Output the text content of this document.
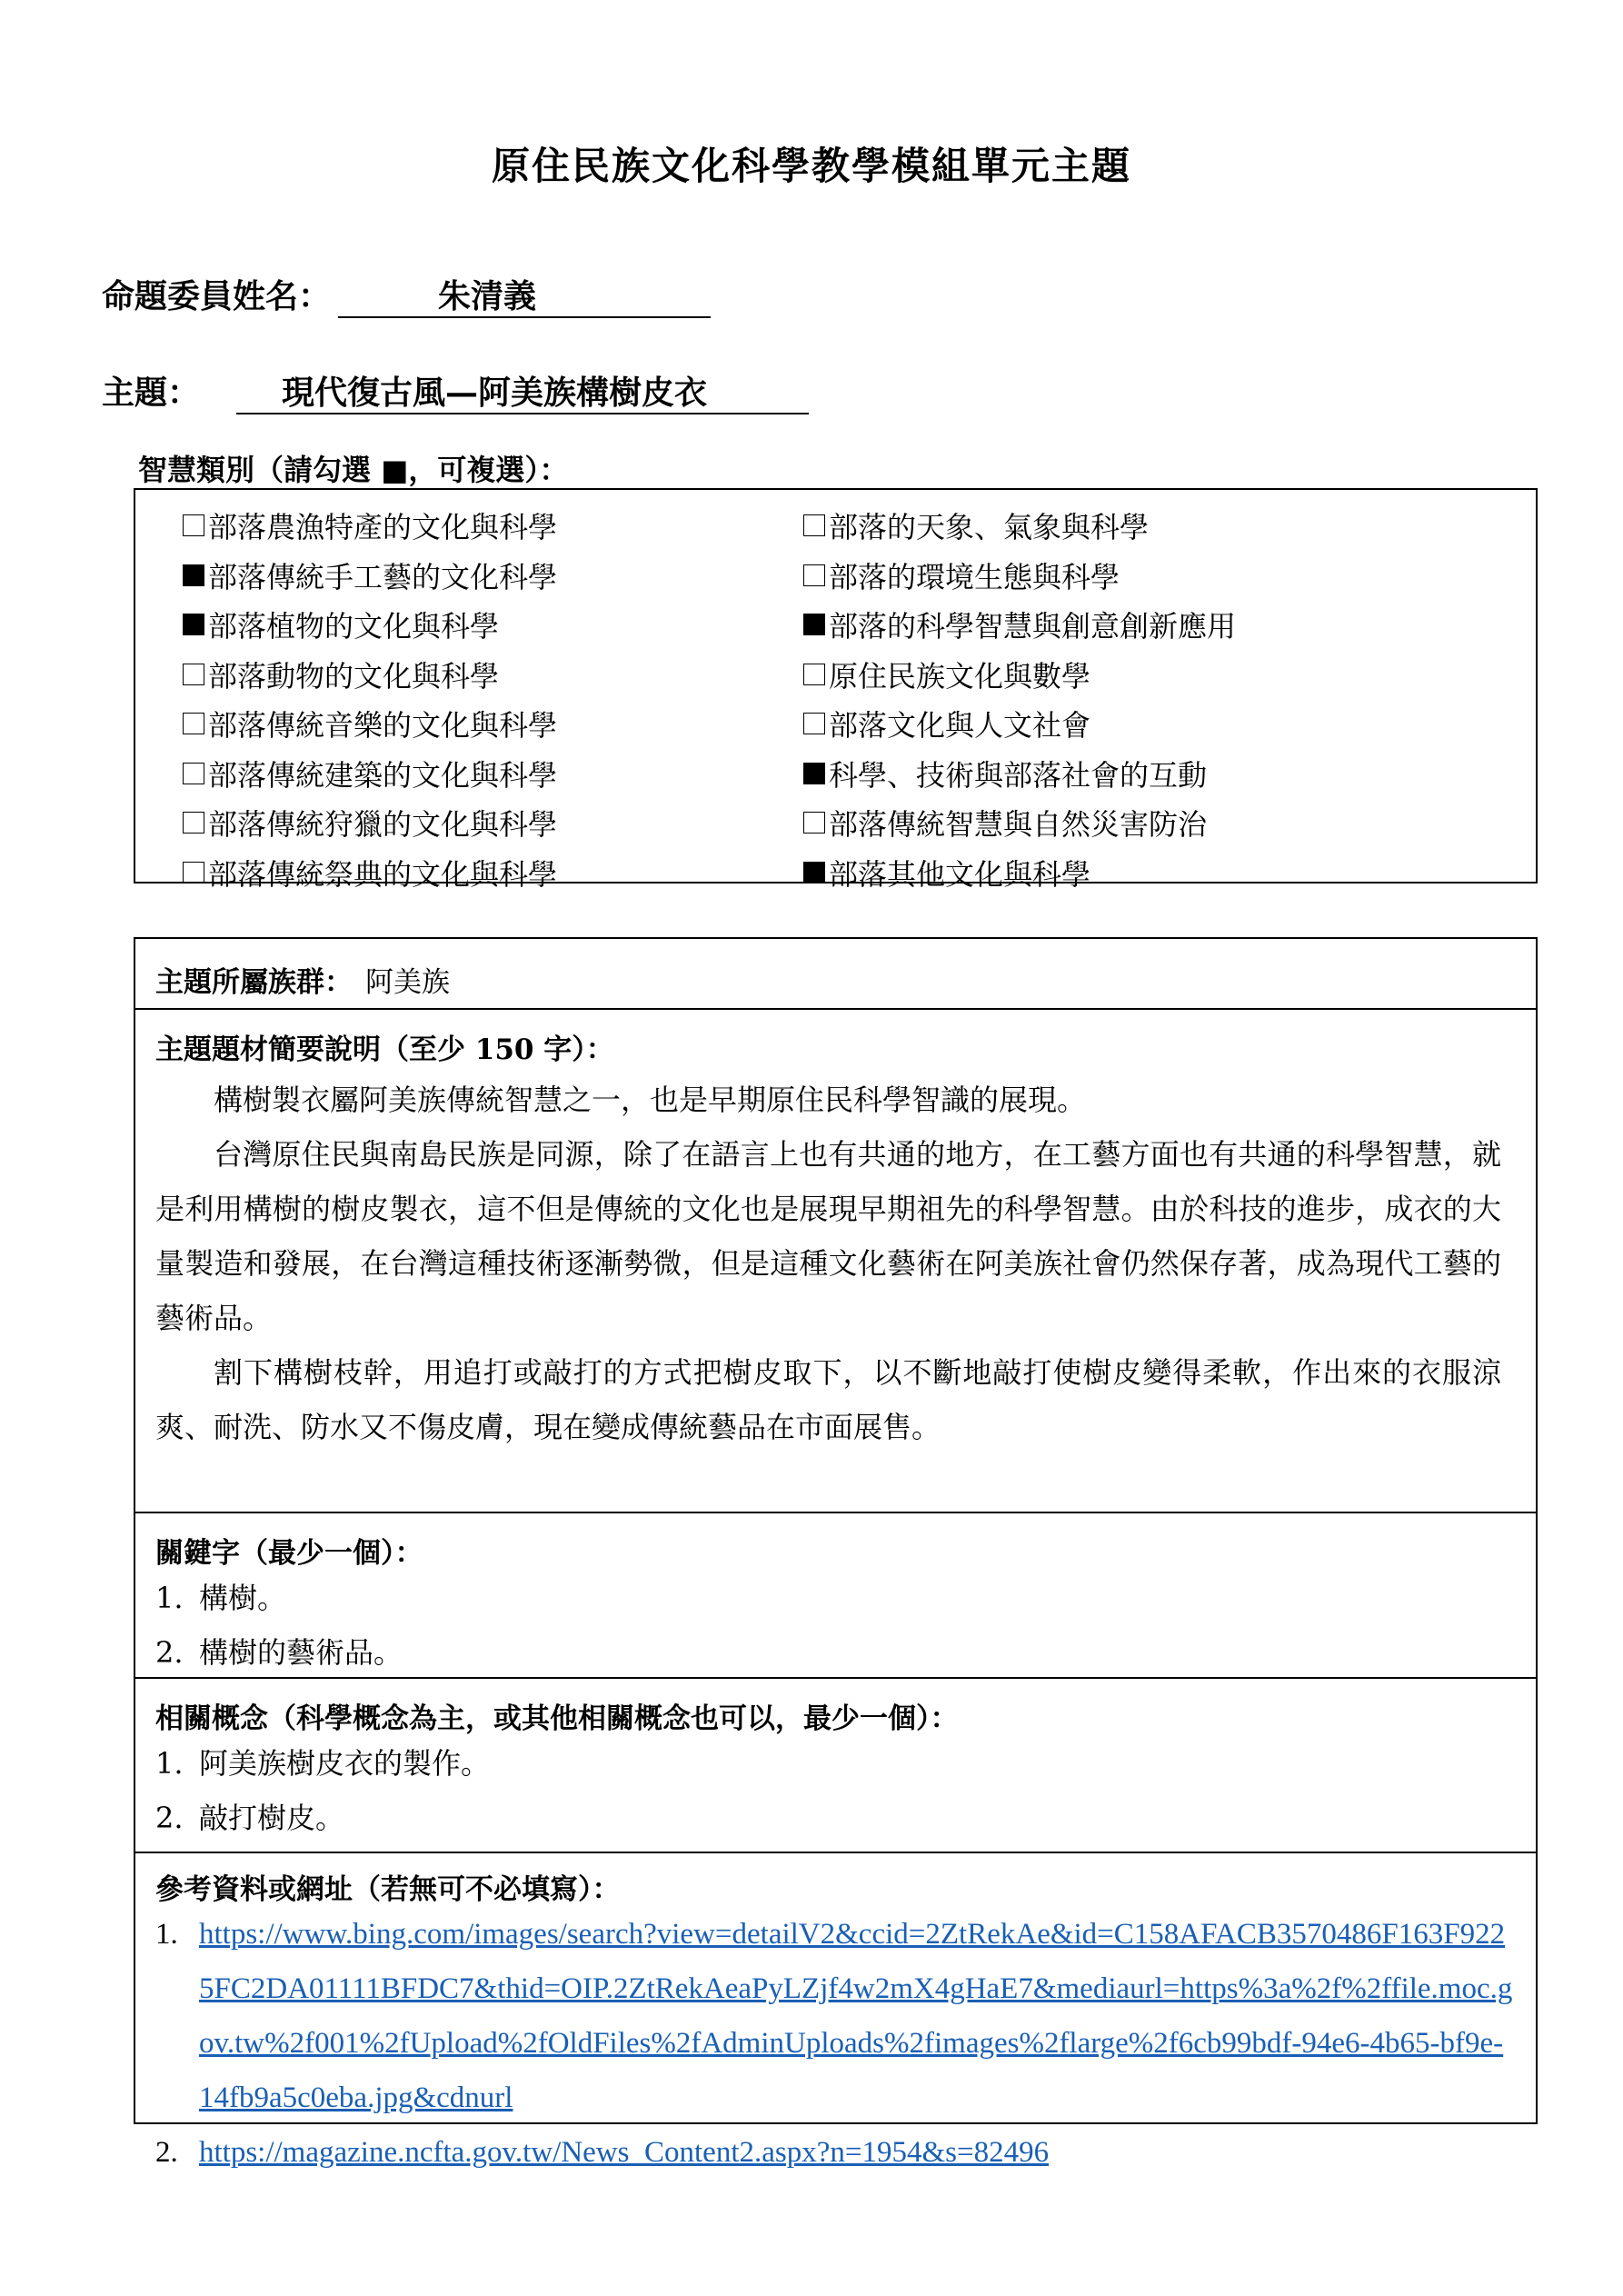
原住民族文化科學教學模組單元主題
命題委員姓名：	朱清義
主題：	現代復古風—阿美族構樹皮衣
智慧類別（請勾選 ■，可複選）：
部落農漁特產的文化與科學
部落傳統手工藝的文化科學
部落植物的文化與科學
部落動物的文化與科學
部落傳統音樂的文化與科學
部落傳統建築的文化與科學
部落傳統狩獵的文化與科學
部落傳統祭典的文化與科學
部落的天象、氣象與科學
部落的環境生態與科學
部落的科學智慧與創意創新應用
原住民族文化與數學
部落文化與人文社會
科學、技術與部落社會的互動
部落傳統智慧與自然災害防治
部落其他文化與科學
主題所屬族群： 阿美族
主題題材簡要說明（至少 150 字）：

構樹製衣屬阿美族傳統智慧之一，也是早期原住民科學智識的展現。

台灣原住民與南島民族是同源，除了在語言上也有共通的地方，在工藝方面也有共通的科學智慧，就是利用構樹的樹皮製衣，這不但是傳統的文化也是展現早期祖先的科學智慧。由於科技的進步，成衣的大量製造和發展，在台灣這種技術逐漸勢微，但是這種文化藝術在阿美族社會仍然保存著，成為現代工藝的藝術品。

割下構樹枝幹，用追打或敲打的方式把樹皮取下，以不斷地敲打使樹皮變得柔軟，作出來的衣服涼爽、耐洗、防水又不傷皮膚，現在變成傳統藝品在市面展售。

關鍵字（最少一個）：
1. 構樹。
2. 構樹的藝術品。
相關概念（科學概念為主，或其他相關概念也可以，最少一個）：
1. 阿美族樹皮衣的製作。
2. 敲打樹皮。
參考資料或網址（若無可不必填寫）：
1. https://www.bing.com/images/search?view=detailV2&ccid=2ZtRekAe&id=C158AFACB3570486F163F9225FC2DA01111BFDC7&thid=OIP.2ZtRekAeaPyLZjf4w2mX4gHaE7&mediaurl=https%3a%2f%2ffile.moc.gov.tw%2f001%2fUpload%2fOldFiles%2fAdminUploads%2fimages%2flarge%2f6cb99bdf-94e6-4b65-bf9e-14fb9a5c0eba.jpg&cdnurl
2. https://magazine.ncfta.gov.tw/News_Content2.aspx?n=1954&s=82496
